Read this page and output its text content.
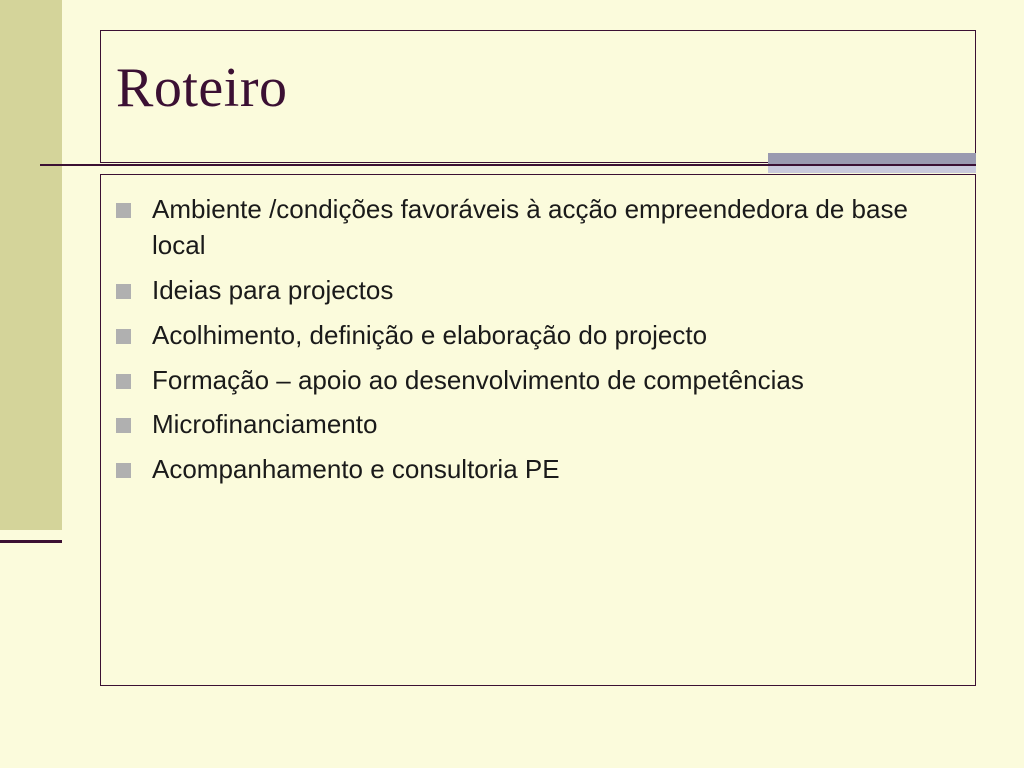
Roteiro
Ambiente /condições favoráveis à acção empreendedora de base local
Ideias para projectos
Acolhimento, definição e elaboração do projecto
Formação – apoio ao desenvolvimento de competências
Microfinanciamento
Acompanhamento e consultoria PE
